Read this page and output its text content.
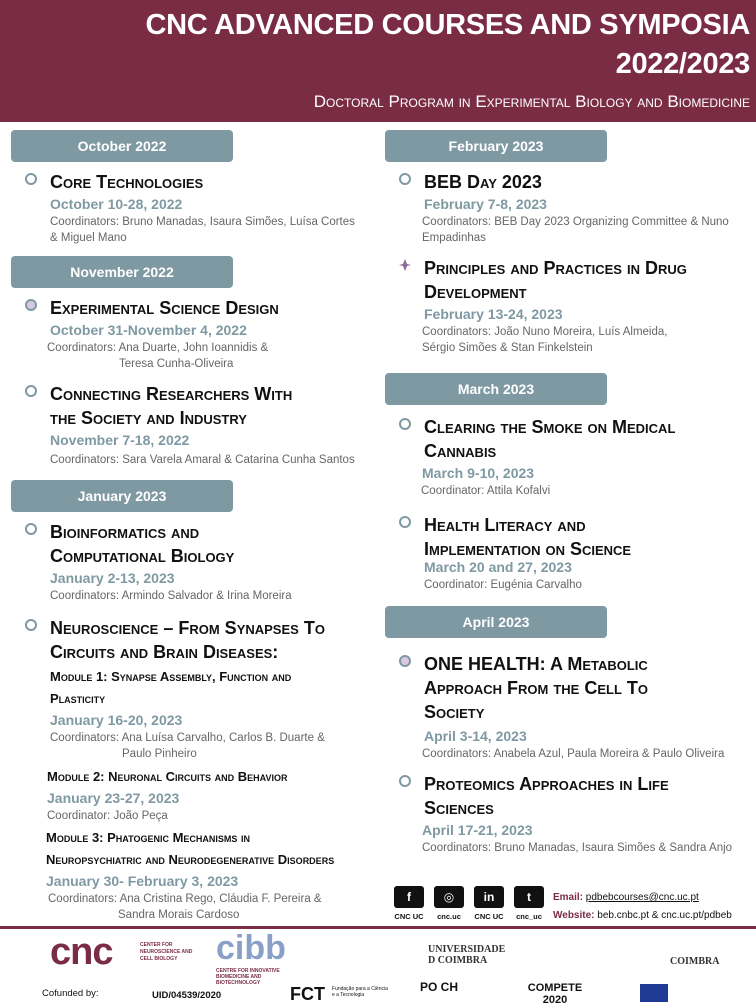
CNC ADVANCED COURSES AND SYMPOSIA
2022/2023
Doctoral Program in Experimental Biology and Biomedicine
October 2022
Core Technologies
October 10-28, 2022
Coordinators: Bruno Manadas, Isaura Simões, Luísa Cortes
& Miguel Mano
November 2022
Experimental Science Design
October 31-November 4, 2022
Coordinators: Ana Duarte, John Ioannidis &
Teresa Cunha-Oliveira
Connecting Researchers With
the Society and Industry
November 7-18, 2022
Coordinators: Sara Varela Amaral & Catarina Cunha Santos
January 2023
Bioinformatics and
Computational Biology
January 2-13, 2023
Coordinators: Armindo Salvador & Irina Moreira
Neuroscience – From Synapses To
Circuits and Brain Diseases:
Module 1: Synapse Assembly, Function and
Plasticity
January 16-20, 2023
Coordinators: Ana Luísa Carvalho, Carlos B. Duarte &
Paulo Pinheiro
Module 2: Neuronal Circuits and Behavior
January 23-27, 2023
Coordinator: João Peça
Module 3: Phatogenic Mechanisms in
Neuropsychiatric and Neurodegenerative Disorders
January 30- February 3, 2023
Coordinators: Ana Cristina Rego, Cláudia F. Pereira &
Sandra Morais Cardoso
February 2023
BEB Day 2023
February 7-8, 2023
Coordinators: BEB Day 2023 Organizing Committee & Nuno
Empadinhas
Principles and Practices in Drug
Development
February 13-24, 2023
Coordinators: João Nuno Moreira, Luís Almeida,
Sérgio Simões & Stan Finkelstein
March 2023
Clearing the Smoke on Medical
Cannabis
March 9-10, 2023
Coordinator: Attila Kofalvi
Health Literacy and
Implementation on Science
March 20 and 27, 2023
Coordinator: Eugénia Carvalho
April 2023
ONE HEALTH: A Metabolic
Approach From the Cell To
Society
April 3-14, 2023
Coordinators: Anabela Azul, Paula Moreira & Paulo Oliveira
Proteomics Approaches in Life
Sciences
April 17-21, 2023
Coordinators: Bruno Manadas, Isaura Simões & Sandra Anjo
f
CNC UC
◎
cnc.uc
in
CNC UC
t
cnc_uc
Email: pdbebcourses@cnc.uc.pt
Website: beb.cnbc.pt & cnc.uc.pt/pdbeb
cnc	CENTER FOR NEUROSCIENCE AND CELL BIOLOGY	cibb
CENTRE FOR INNOVATIVE BIOMEDICINE AND BIOTECHNOLOGY
UNIVERSIDADE D COIMBRA	COIMBRA
Cofunded by:	UID/04539/2020	FCT Fundação para a Ciência e a Tecnologia
PO CH	COMPETE 2020
